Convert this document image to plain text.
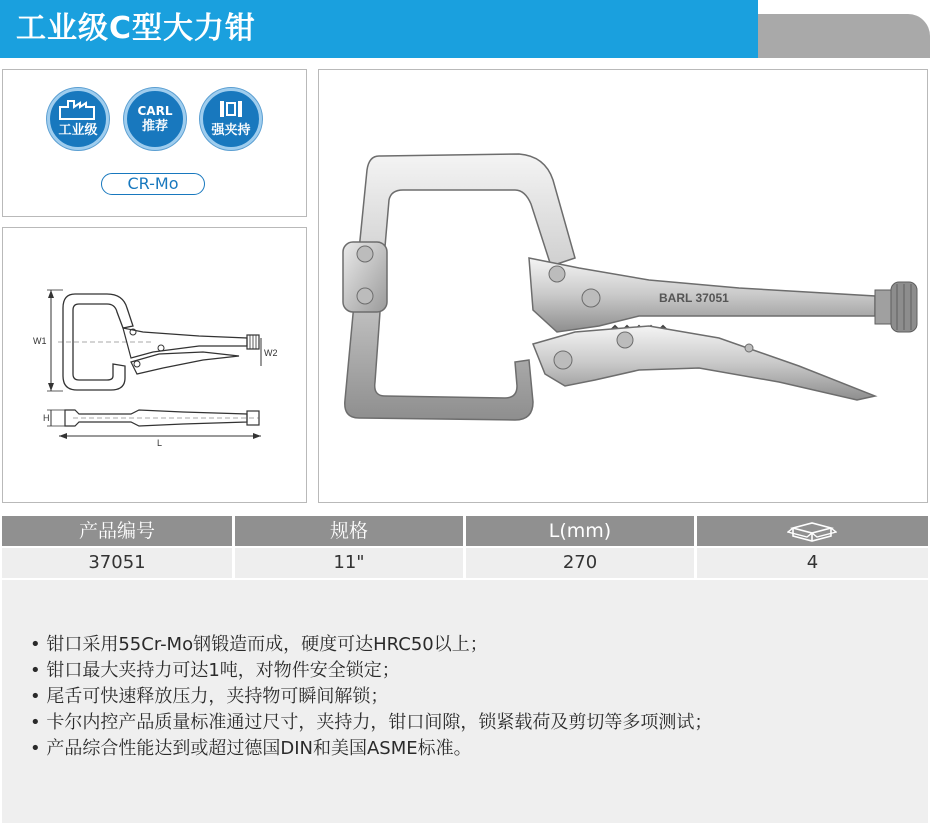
工业级C型大力钳
工业级
CARL
推荐	强夹持
CR-Mo
W2
W1
H
L
BARL 37051
产品编号	规格	L(mm)
37051	11"	270	4
• 钳口采用55Cr-Mo钢锻造而成，硬度可达HRC50以上；
• 钳口最大夹持力可达1吨，对物件安全锁定；
• 尾舌可快速释放压力，夹持物可瞬间解锁；
• 卡尔内控产品质量标准通过尺寸，夹持力，钳口间隙，锁紧载荷及剪切等多项测试；
• 产品综合性能达到或超过德国DIN和美国ASME标准。
